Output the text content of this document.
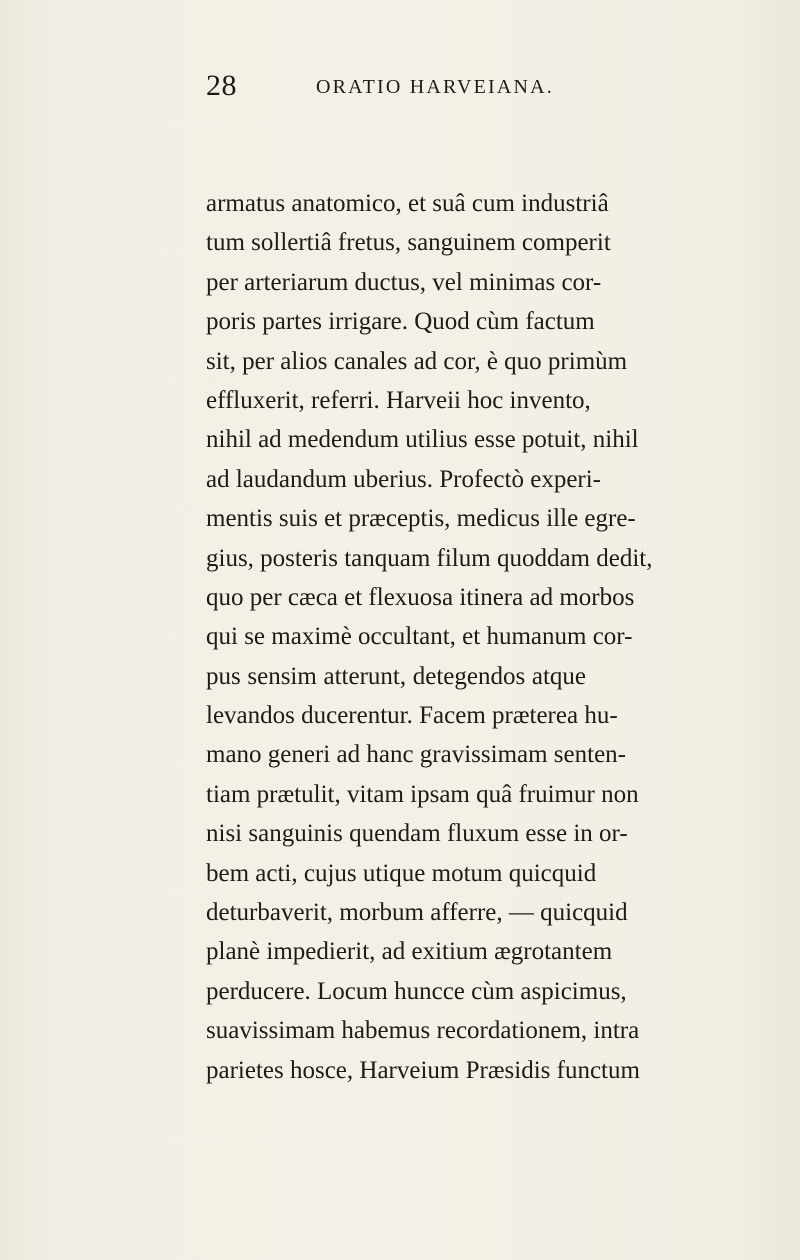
28	ORATIO HARVEIANA.
armatus anatomico, et suâ cum industriâ
tum sollertiâ fretus, sanguinem comperit
per arteriarum ductus, vel minimas cor-
poris partes irrigare. Quod cùm factum
sit, per alios canales ad cor, è quo primùm
effluxerit, referri. Harveii hoc invento,
nihil ad medendum utilius esse potuit, nihil
ad laudandum uberius. Profectò experi-
mentis suis et præceptis, medicus ille egre-
gius, posteris tanquam filum quoddam dedit,
quo per cæca et flexuosa itinera ad morbos
qui se maximè occultant, et humanum cor-
pus sensim atterunt, detegendos atque
levandos ducerentur. Facem præterea hu-
mano generi ad hanc gravissimam senten-
tiam prætulit, vitam ipsam quâ fruimur non
nisi sanguinis quendam fluxum esse in or-
bem acti, cujus utique motum quicquid
deturbaverit, morbum afferre, — quicquid
planè impedierit, ad exitium ægrotantem
perducere. Locum huncce cùm aspicimus,
suavissimam habemus recordationem, intra
parietes hosce, Harveium Præsidis functum
